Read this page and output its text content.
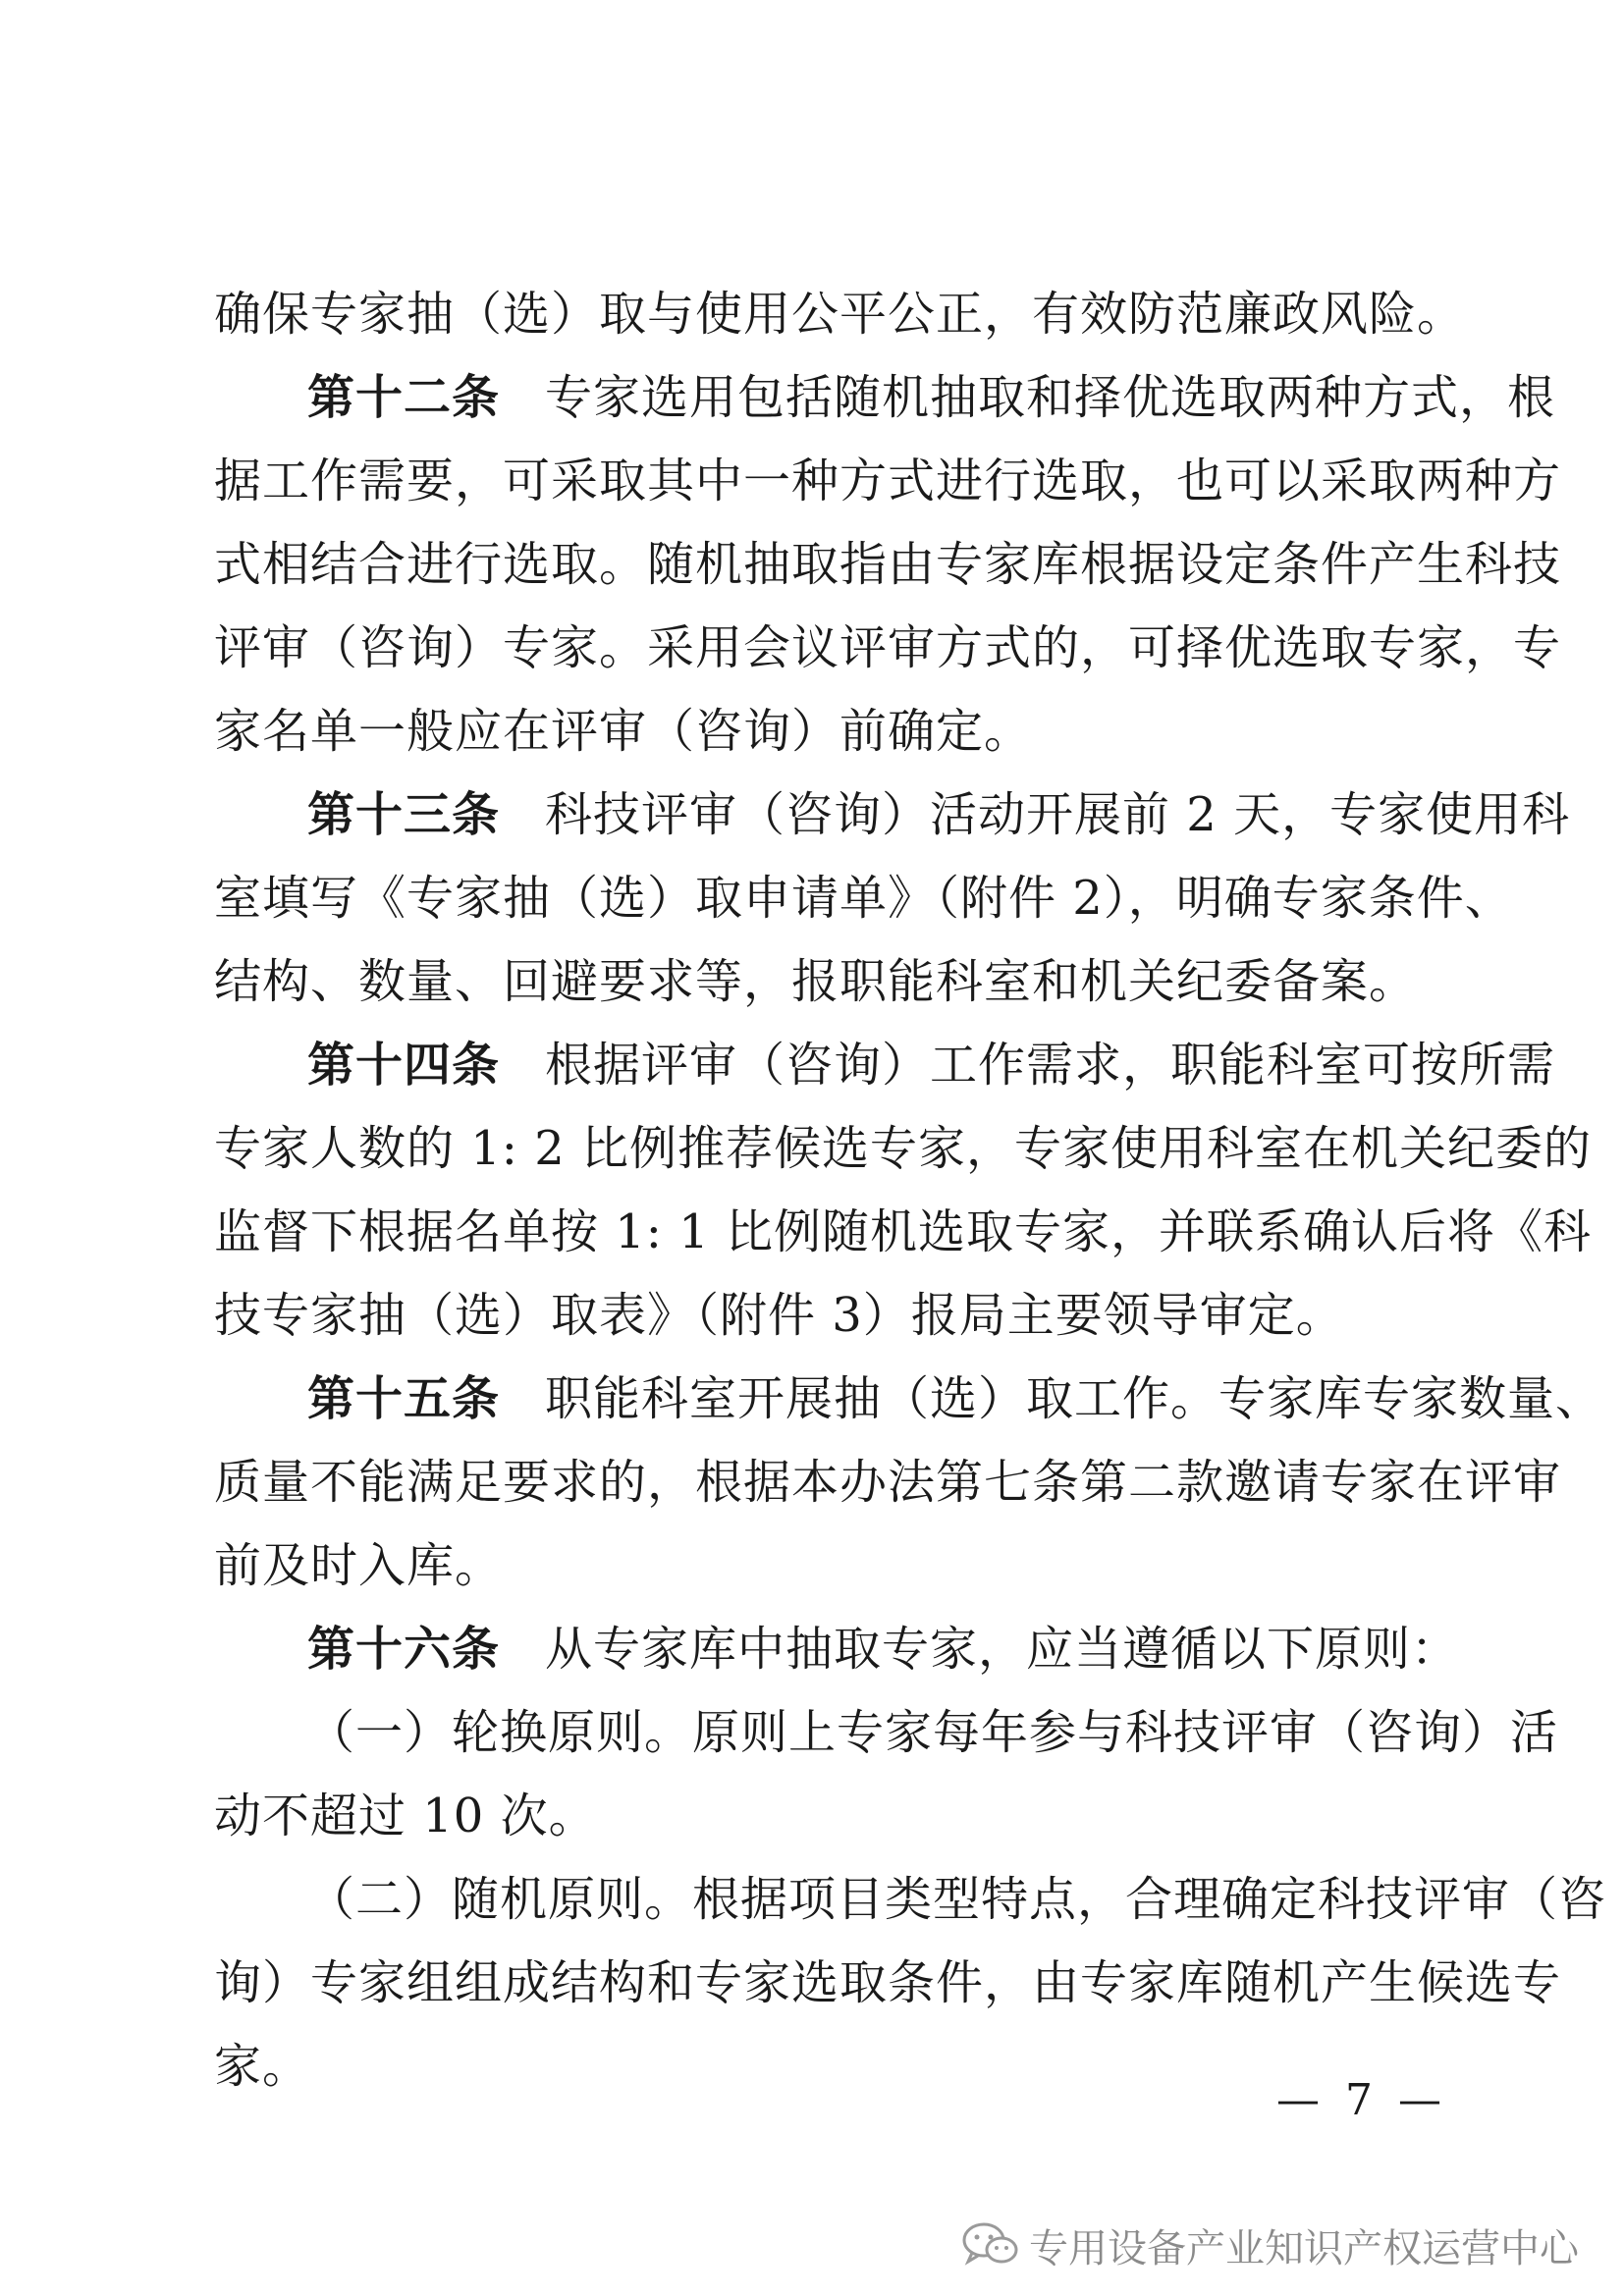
确保专家抽（选）取与使用公平公正，有效防范廉政风险。
第十二条 专家选用包括随机抽取和择优选取两种方式，根
据工作需要，可采取其中一种方式进行选取，也可以采取两种方
式相结合进行选取。随机抽取指由专家库根据设定条件产生科技
评审（咨询）专家。采用会议评审方式的，可择优选取专家，专
家名单一般应在评审（咨询）前确定。
第十三条 科技评审（咨询）活动开展前 2 天，专家使用科
室填写《专家抽（选）取申请单》（附件 2），明确专家条件、
结构、数量、回避要求等，报职能科室和机关纪委备案。
第十四条 根据评审（咨询）工作需求，职能科室可按所需
专家人数的 1: 2 比例推荐候选专家，专家使用科室在机关纪委的
监督下根据名单按 1: 1 比例随机选取专家，并联系确认后将《科
技专家抽（选）取表》（附件 3）报局主要领导审定。
第十五条 职能科室开展抽（选）取工作。专家库专家数量、
质量不能满足要求的，根据本办法第七条第二款邀请专家在评审
前及时入库。
第十六条 从专家库中抽取专家，应当遵循以下原则：
（一）轮换原则。原则上专家每年参与科技评审（咨询）活
动不超过 10 次。
（二）随机原则。根据项目类型特点，合理确定科技评审（咨
询）专家组组成结构和专家选取条件，由专家库随机产生候选专
家。
— 7 —
专用设备产业知识产权运营中心
